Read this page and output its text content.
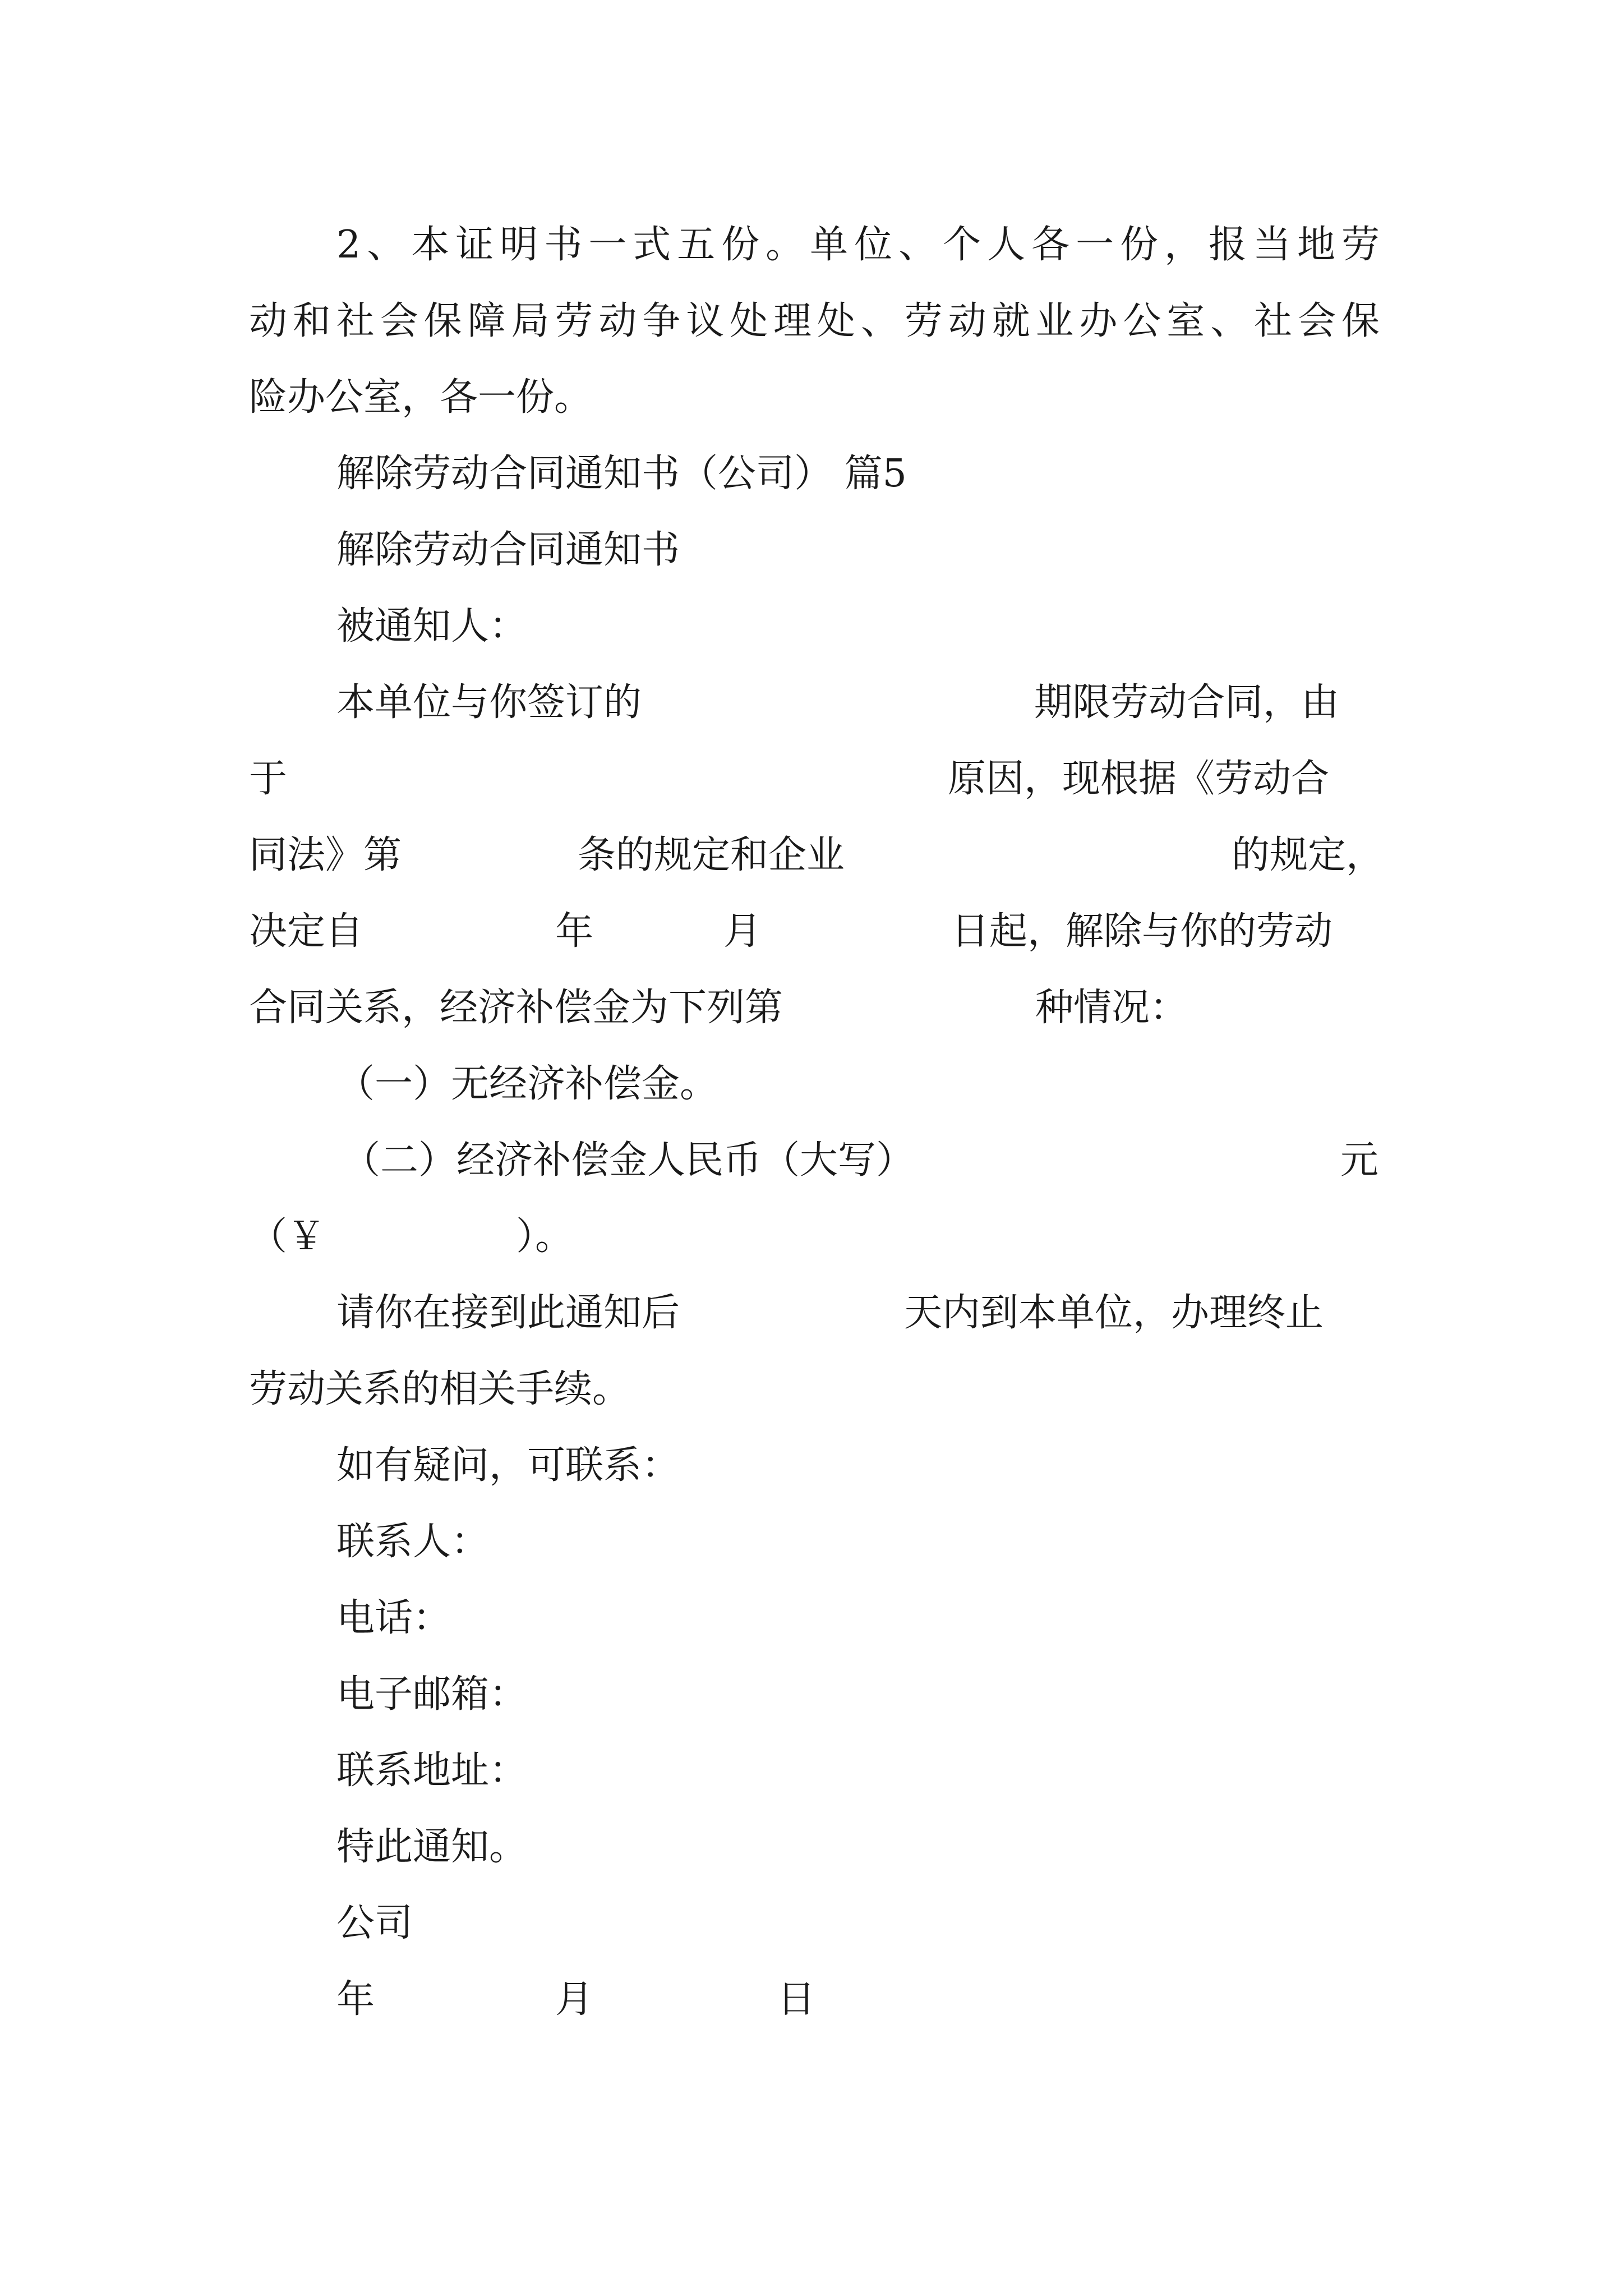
2、本证明书一式五份。单位、个人各一份，报当地劳
动和社会保障局劳动争议处理处、劳动就业办公室、社会保
险办公室，各一份。
解除劳动合同通知书（公司） 篇5
解除劳动合同通知书
被通知人：
本单位与你签订的	期限劳动合同，由
于	原因，现根据《劳动合
同法》第	条的规定和企业	的规定，
决定自	年	月	日起，解除与你的劳动
合同关系，经济补偿金为下列第	种情况：
（一）无经济补偿金。
（二）经济补偿金人民币（大写）	元
（￥	）。
请你在接到此通知后	天内到本单位，办理终止
劳动关系的相关手续。
如有疑问，可联系：
联系人：
电话：
电子邮箱：
联系地址：
特此通知。
公司
年	月	日
